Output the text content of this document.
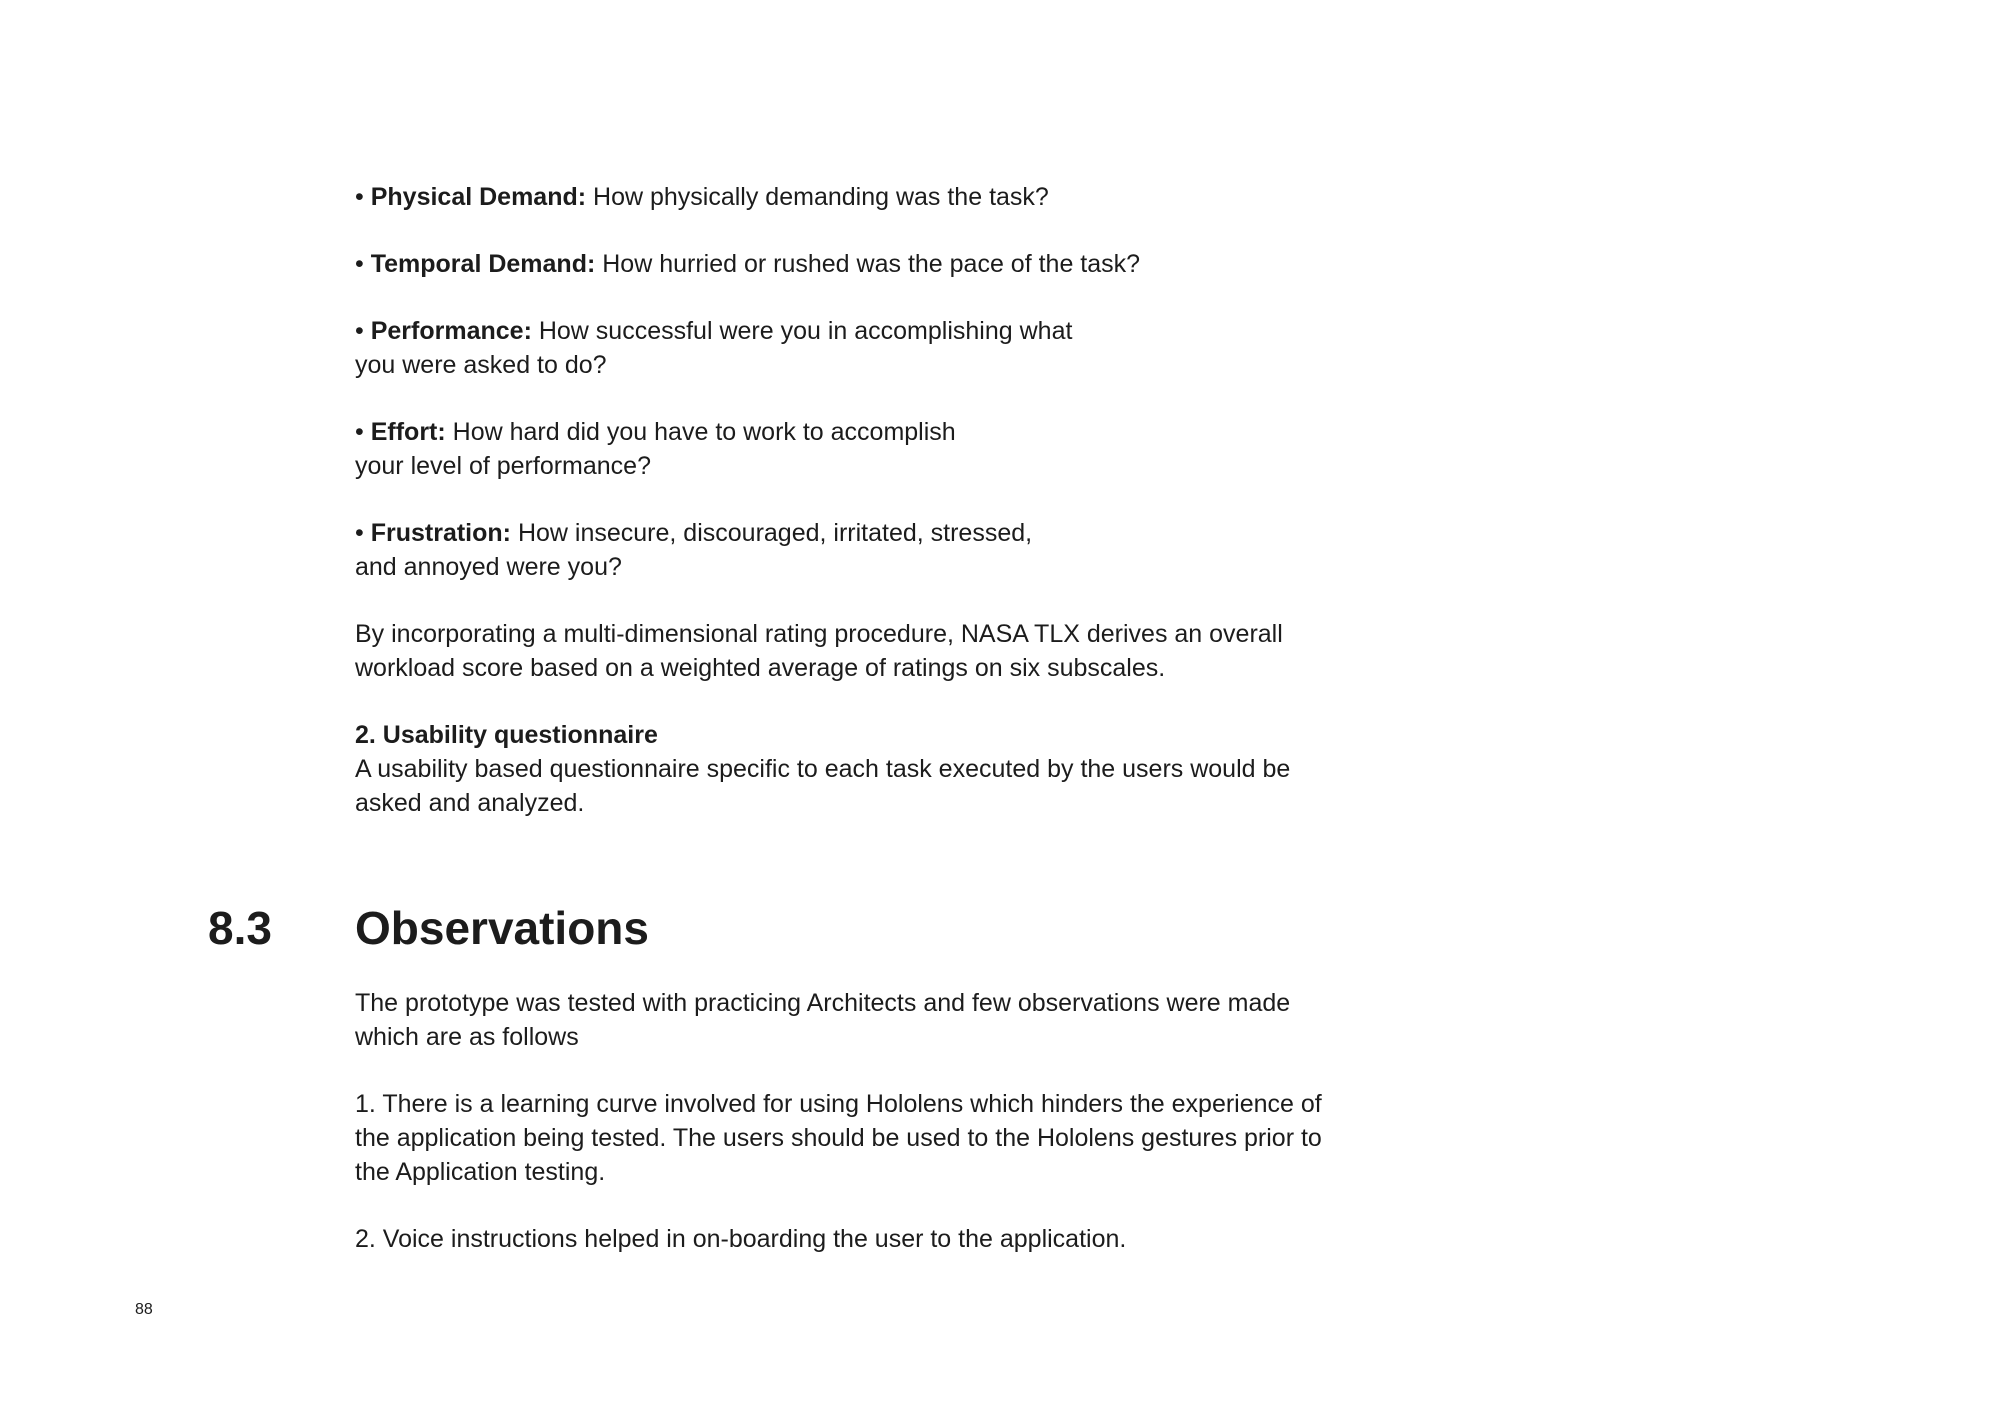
• Physical Demand: How physically demanding was the task?
• Temporal Demand: How hurried or rushed was the pace of the task?
• Performance: How successful were you in accomplishing what
you were asked to do?
• Effort: How hard did you have to work to accomplish
your level of performance?
• Frustration: How insecure, discouraged, irritated, stressed,
and annoyed were you?
By incorporating a multi-dimensional rating procedure, NASA TLX derives an overall
workload score based on a weighted average of ratings on six subscales.
2. Usability questionnaire
A usability based questionnaire specific to each task executed by the users would be
asked and analyzed.
8.3 Observations
The prototype was tested with practicing Architects and few observations were made
which are as follows
1. There is a learning curve involved for using Hololens which hinders the experience of
the application being tested. The users should be used to the Hololens gestures prior to
the Application testing.
2. Voice instructions helped in on-boarding the user to the application.
88
